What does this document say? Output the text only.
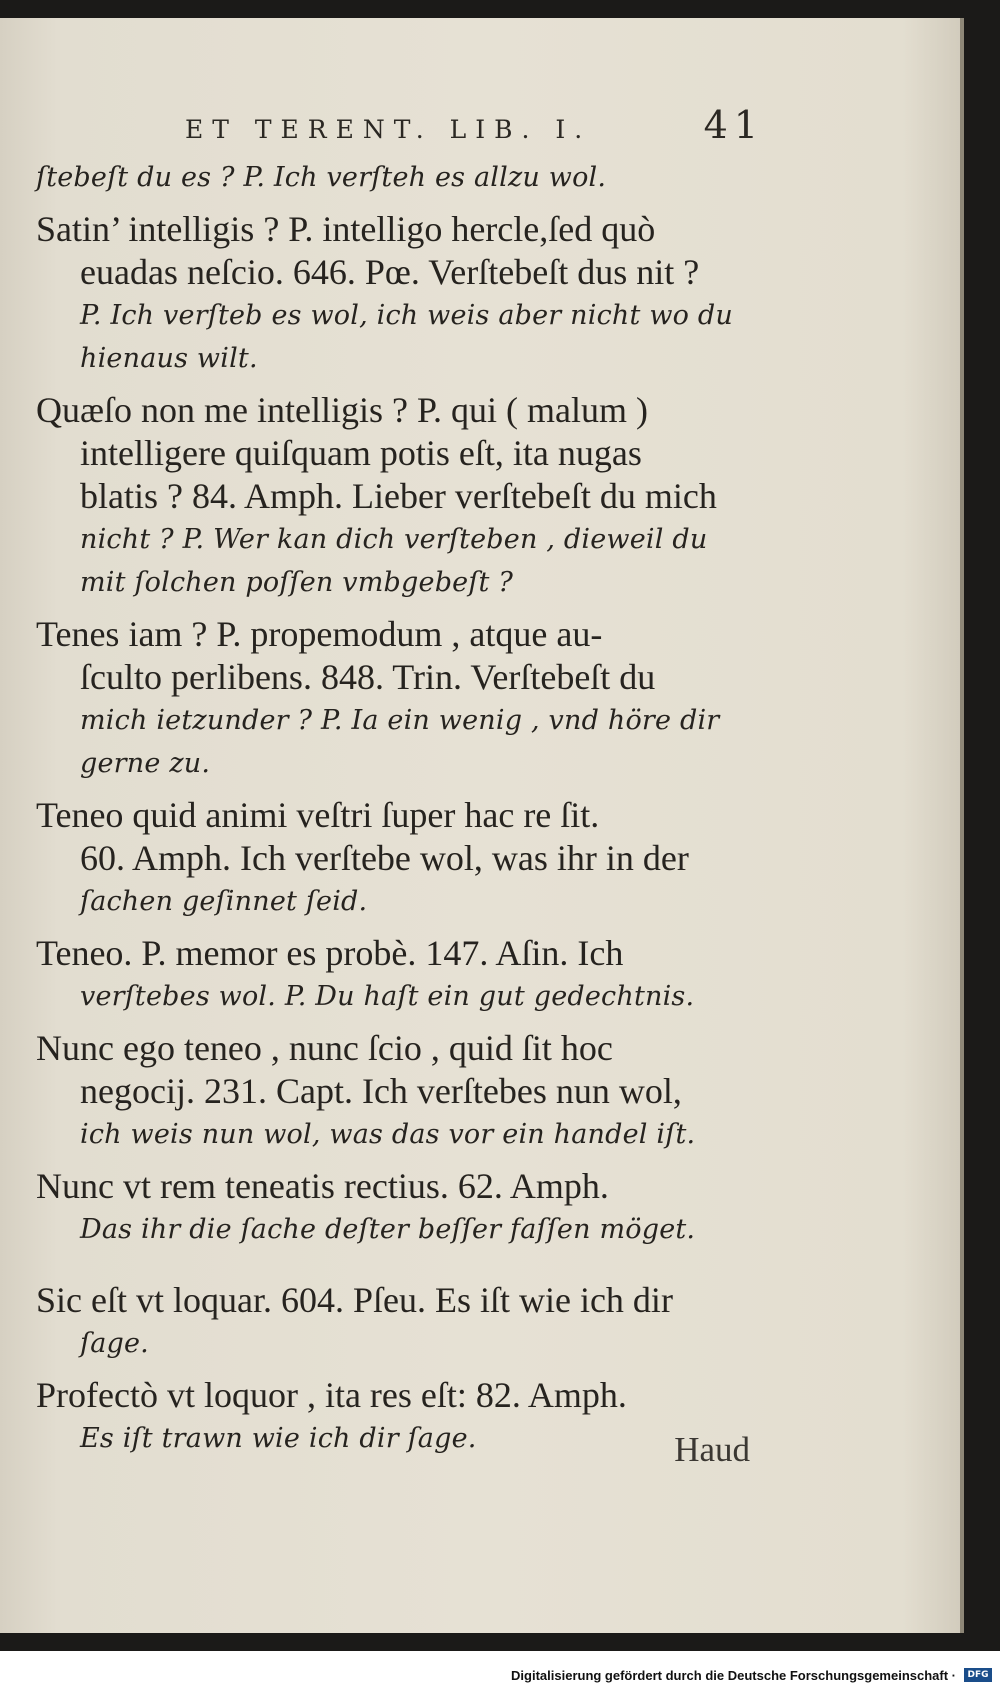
ET TERENT. LIB. I.	41
ſtebeſt du es ? P. Ich verſteh es allzu wol.
Satin’ intelligis ? P. intelligo hercle,ſed quò
euadas neſcio. 646. Pœ. Verſtebeſt dus nit ?
P. Ich verſteb es wol, ich weis aber nicht wo du
hienaus wilt.
Quæſo non me intelligis ? P. qui ( malum )
intelligere quiſquam potis eſt, ita nugas
blatis ? 84. Amph. Lieber verſtebeſt du mich
nicht ? P. Wer kan dich verſteben , dieweil du
mit ſolchen poſſen vmbgebeſt ?
Tenes iam ? P. propemodum , atque au-
ſculto perlibens. 848. Trin. Verſtebeſt du
mich ietzunder ? P. Ia ein wenig , vnd höre dir
gerne zu.
Teneo quid animi veſtri ſuper hac re ſit.
60. Amph. Ich verſtebe wol, was ihr in der
ſachen geſinnet ſeid.
Teneo. P. memor es probè. 147. Aſin. Ich
verſtebes wol. P. Du haſt ein gut gedechtnis.
Nunc ego teneo , nunc ſcio , quid ſit hoc
negocij. 231. Capt. Ich verſtebes nun wol,
ich weis nun wol, was das vor ein handel iſt.
Nunc vt rem teneatis rectius. 62. Amph.
Das ihr die ſache deſter beſſer faſſen möget.
Sic eſt vt loquar. 604. Pſeu. Es iſt wie ich dir
ſage.
Profectò vt loquor , ita res eſt: 82. Amph.
Es iſt trawn wie ich dir ſage.	Haud
Digitalisierung gefördert durch die Deutsche Forschungsgemeinschaft ·	DFG
